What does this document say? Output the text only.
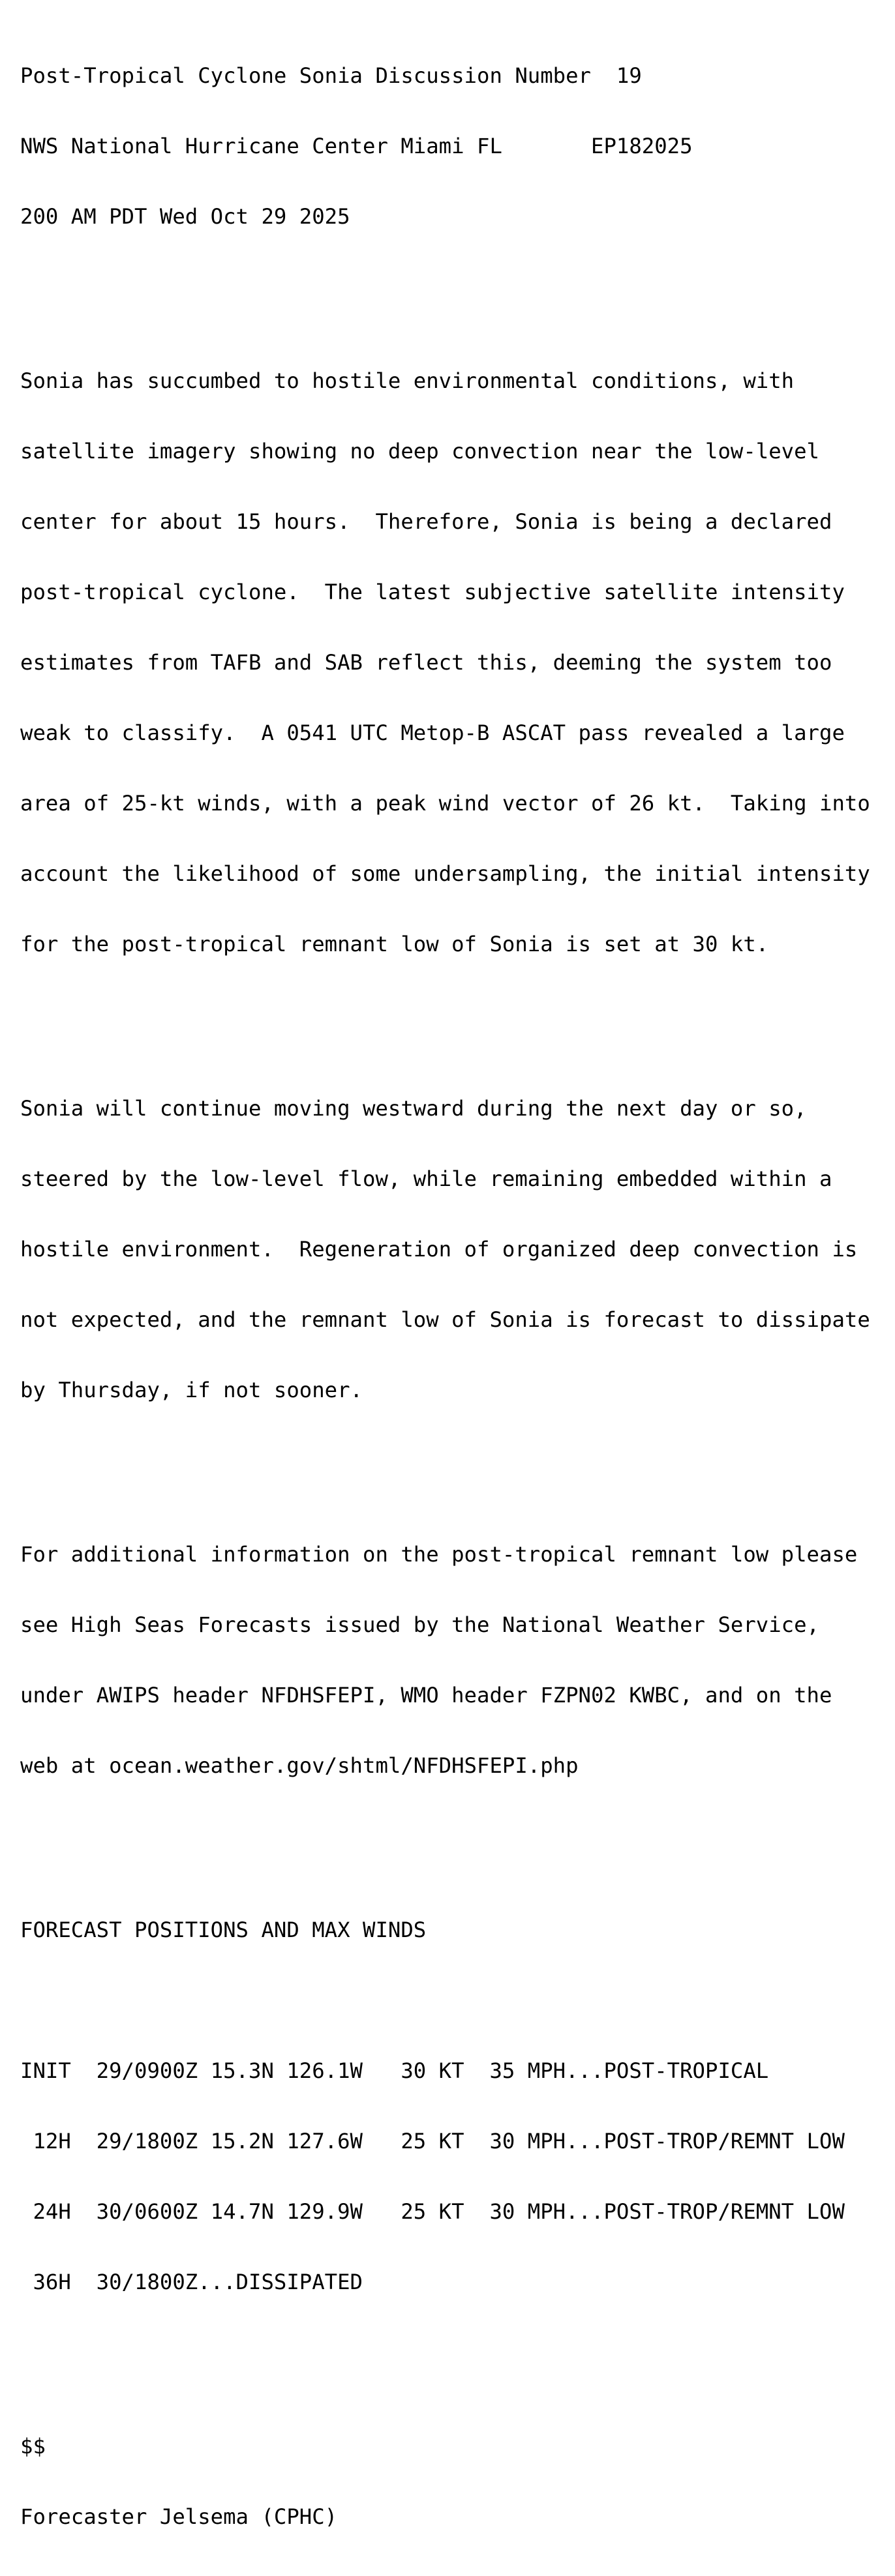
Post-Tropical Cyclone Sonia Discussion Number  19

NWS National Hurricane Center Miami FL       EP182025

200 AM PDT Wed Oct 29 2025

Sonia has succumbed to hostile environmental conditions, with

satellite imagery showing no deep convection near the low-level

center for about 15 hours.  Therefore, Sonia is being a declared

post-tropical cyclone.  The latest subjective satellite intensity

estimates from TAFB and SAB reflect this, deeming the system too

weak to classify.  A 0541 UTC Metop-B ASCAT pass revealed a large

area of 25-kt winds, with a peak wind vector of 26 kt.  Taking into

account the likelihood of some undersampling, the initial intensity

for the post-tropical remnant low of Sonia is set at 30 kt.

Sonia will continue moving westward during the next day or so,

steered by the low-level flow, while remaining embedded within a

hostile environment.  Regeneration of organized deep convection is

not expected, and the remnant low of Sonia is forecast to dissipate

by Thursday, if not sooner.

For additional information on the post-tropical remnant low please

see High Seas Forecasts issued by the National Weather Service,

under AWIPS header NFDHSFEPI, WMO header FZPN02 KWBC, and on the

web at ocean.weather.gov/shtml/NFDHSFEPI.php

FORECAST POSITIONS AND MAX WINDS

INIT  29/0900Z 15.3N 126.1W   30 KT  35 MPH...POST-TROPICAL

12H  29/1800Z 15.2N 127.6W   25 KT  30 MPH...POST-TROP/REMNT LOW

24H  30/0600Z 14.7N 129.9W   25 KT  30 MPH...POST-TROP/REMNT LOW

36H  30/1800Z...DISSIPATED

$$

Forecaster Jelsema (CPHC)
